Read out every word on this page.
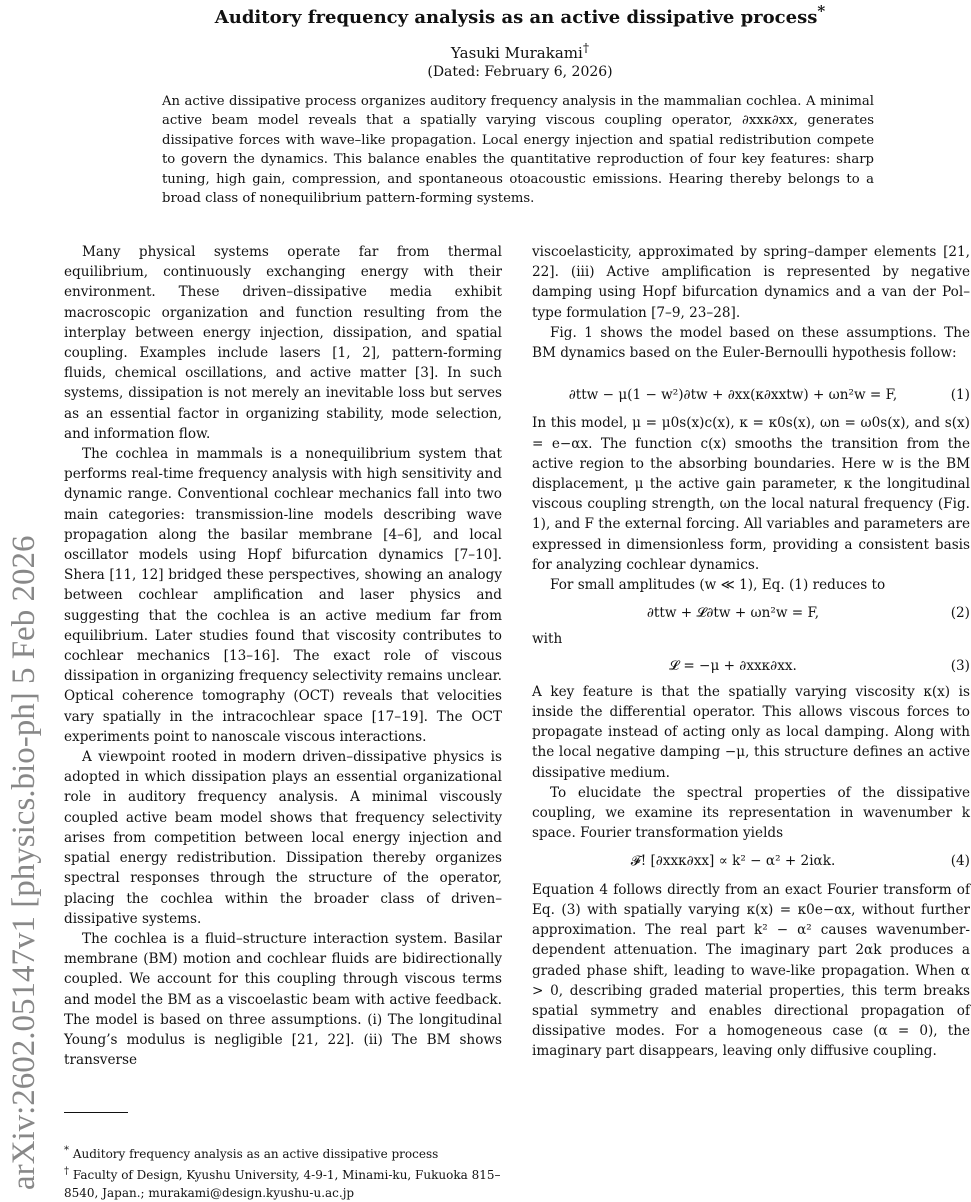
arXiv:2602.05147v1 [physics.bio-ph] 5 Feb 2026
Auditory frequency analysis as an active dissipative process*
Yasuki Murakami†
(Dated: February 6, 2026)
An active dissipative process organizes auditory frequency analysis in the mammalian cochlea. A minimal active beam model reveals that a spatially varying viscous coupling operator, ∂xxκ∂xx, generates dissipative forces with wave–like propagation. Local energy injection and spatial redistribution compete to govern the dynamics. This balance enables the quantitative reproduction of four key features: sharp tuning, high gain, compression, and spontaneous otoacoustic emissions. Hearing thereby belongs to a broad class of nonequilibrium pattern-forming systems.

Many physical systems operate far from thermal equilibrium, continuously exchanging energy with their environment. These driven–dissipative media exhibit macroscopic organization and function resulting from the interplay between energy injection, dissipation, and spatial coupling. Examples include lasers [1, 2], pattern-forming fluids, chemical oscillations, and active matter [3]. In such systems, dissipation is not merely an inevitable loss but serves as an essential factor in organizing stability, mode selection, and information flow.

The cochlea in mammals is a nonequilibrium system that performs real-time frequency analysis with high sensitivity and dynamic range. Conventional cochlear mechanics fall into two main categories: transmission-line models describing wave propagation along the basilar membrane [4–6], and local oscillator models using Hopf bifurcation dynamics [7–10]. Shera [11, 12] bridged these perspectives, showing an analogy between cochlear amplification and laser physics and suggesting that the cochlea is an active medium far from equilibrium. Later studies found that viscosity contributes to cochlear mechanics [13–16]. The exact role of viscous dissipation in organizing frequency selectivity remains unclear. Optical coherence tomography (OCT) reveals that velocities vary spatially in the intracochlear space [17–19]. The OCT experiments point to nanoscale viscous interactions.

A viewpoint rooted in modern driven–dissipative physics is adopted in which dissipation plays an essential organizational role in auditory frequency analysis. A minimal viscously coupled active beam model shows that frequency selectivity arises from competition between local energy injection and spatial energy redistribution. Dissipation thereby organizes spectral responses through the structure of the operator, placing the cochlea within the broader class of driven–dissipative systems.

The cochlea is a fluid–structure interaction system. Basilar membrane (BM) motion and cochlear fluids are bidirectionally coupled. We account for this coupling through viscous terms and model the BM as a viscoelastic beam with active feedback. The model is based on three assumptions. (i) The longitudinal Young’s modulus is negligible [21, 22]. (ii) The BM shows transverse

* Auditory frequency analysis as an active dissipative process

† Faculty of Design, Kyushu University, 4-9-1, Minami-ku, Fukuoka 815–8540, Japan.; murakami@design.kyushu-u.ac.jp

viscoelasticity, approximated by spring–damper elements [21, 22]. (iii) Active amplification is represented by negative damping using Hopf bifurcation dynamics and a van der Pol–type formulation [7–9, 23–28].

Fig. 1 shows the model based on these assumptions. The BM dynamics based on the Euler-Bernoulli hypothesis follow:

∂ttw − μ(1 − w²)∂tw + ∂xx(κ∂xxtw) + ωn²w = F,	(1)

In this model, μ = μ0s(x)c(x), κ = κ0s(x), ωn = ω0s(x), and s(x) = e−αx. The function c(x) smooths the transition from the active region to the absorbing boundaries. Here w is the BM displacement, μ the active gain parameter, κ the longitudinal viscous coupling strength, ωn the local natural frequency (Fig. 1), and F the external forcing. All variables and parameters are expressed in dimensionless form, providing a consistent basis for analyzing cochlear dynamics.

For small amplitudes (w ≪ 1), Eq. (1) reduces to

∂ttw + 𝓛∂tw + ωn²w = F,	(2)

with

𝓛 = −μ + ∂xxκ∂xx.	(3)

A key feature is that the spatially varying viscosity κ(x) is inside the differential operator. This allows viscous forces to propagate instead of acting only as local damping. Along with the local negative damping −μ, this structure defines an active dissipative medium.

To elucidate the spectral properties of the dissipative coupling, we examine its representation in wavenumber k space. Fourier transformation yields

𝓕! [∂xxκ∂xx] ∝ k² − α² + 2iαk.	(4)

Equation 4 follows directly from an exact Fourier transform of Eq. (3) with spatially varying κ(x) = κ0e−αx, without further approximation. The real part k² − α² causes wavenumber-dependent attenuation. The imaginary part 2αk produces a graded phase shift, leading to wave-like propagation. When α > 0, describing graded material properties, this term breaks spatial symmetry and enables directional propagation of dissipative modes. For a homogeneous case (α = 0), the imaginary part disappears, leaving only diffusive coupling.
